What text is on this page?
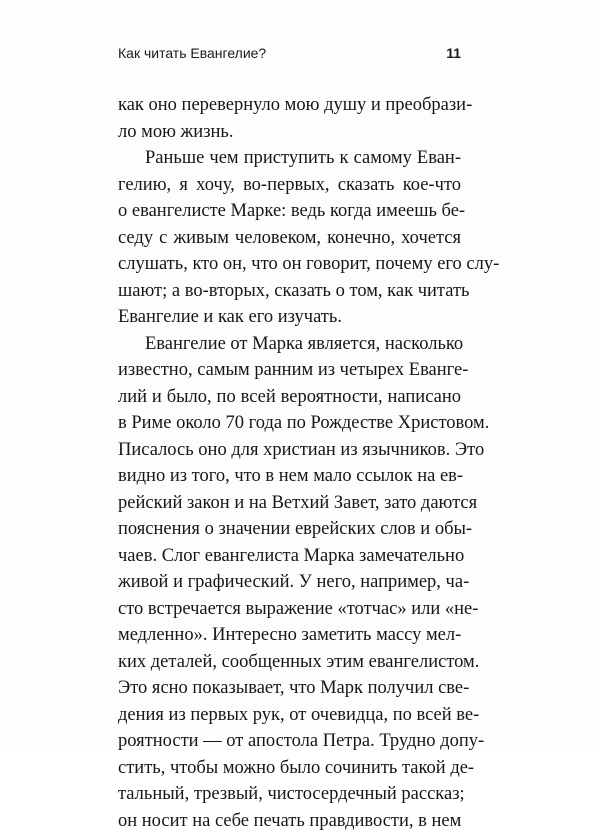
Как читать Евангелие?	11
как оно перевернуло мою душу и преобрази-
ло мою жизнь.
Раньше чем приступить к самому Еван-
гелию, я хочу, во-первых, сказать кое-что
о евангелисте Марке: ведь когда имеешь бе-
седу с живым человеком, конечно, хочется
слушать, кто он, что он говорит, почему его слу-
шают; а во-вторых, сказать о том, как читать
Евангелие и как его изучать.
Евангелие от Марка является, насколько
известно, самым ранним из четырех Еванге-
лий и было, по всей вероятности, написано
в Риме около 70 года по Рождестве Христовом.
Писалось оно для христиан из язычников. Это
видно из того, что в нем мало ссылок на ев-
рейский закон и на Ветхий Завет, зато даются
пояснения о значении еврейских слов и обы-
чаев. Слог евангелиста Марка замечательно
живой и графический. У него, например, ча-
сто встречается выражение «тотчас» или «не-
медленно». Интересно заметить массу мел-
ких деталей, сообщенных этим евангелистом.
Это ясно показывает, что Марк получил све-
дения из первых рук, от очевидца, по всей ве-
роятности — от апостола Петра. Трудно допу-
стить, чтобы можно было сочинить такой де-
тальный, трезвый, чистосердечный рассказ;
он носит на себе печать правдивости, в нем
